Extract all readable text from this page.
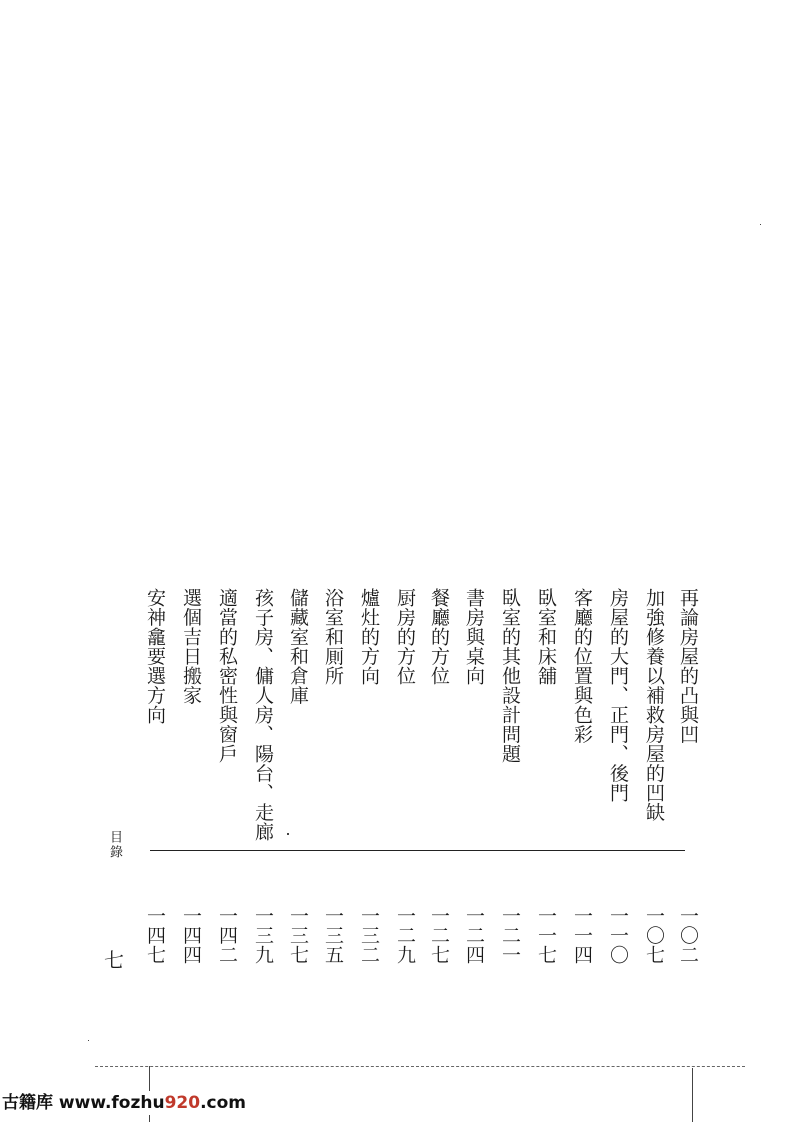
再論房屋的凸與凹
一〇二
加強修養以補救房屋的凹缺
一〇七
房屋的大門、正門、後門
一一〇
客廳的位置與色彩
一一四
臥室和床舖
一一七
臥室的其他設計問題
一二一
書房與桌向
一二四
餐廳的方位
一二七
厨房的方位
一二九
爐灶的方向
一三二
浴室和厠所
一三五
儲藏室和倉庫
一三七
孩子房、傭人房、陽台、走廊
一三九
適當的私密性與窗戶
一四二
選個吉日搬家
一四四
安神龕要選方向
一四七
目錄
七
古籍库 www.fozhu920.com
